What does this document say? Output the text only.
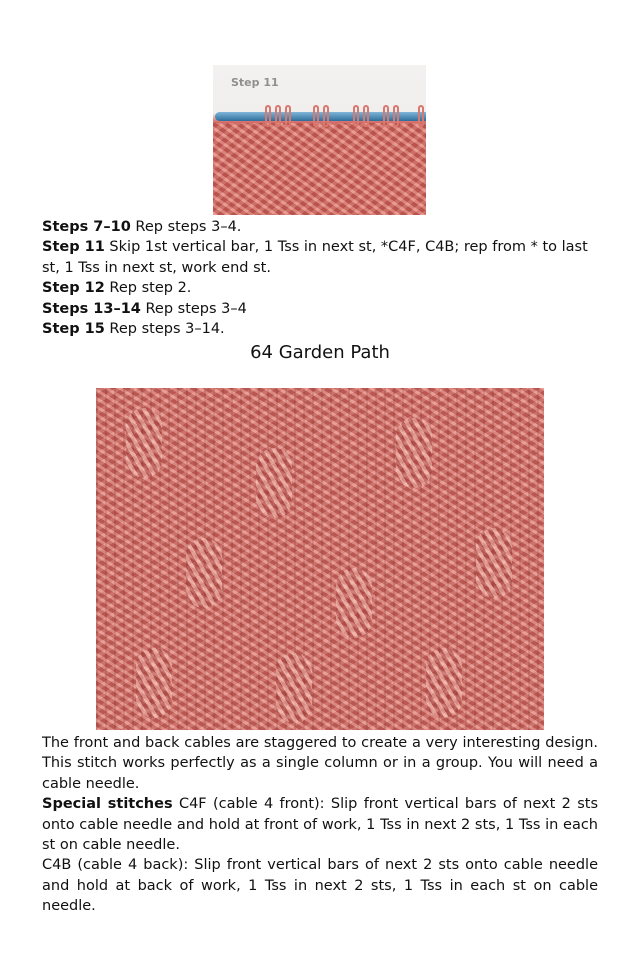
Step 11

Steps 7–10 Rep steps 3–4.

Step 11 Skip 1st vertical bar, 1 Tss in next st, *C4F, C4B; rep from * to last st, 1 Tss in next st, work end st.

Step 12 Rep step 2.

Steps 13–14 Rep steps 3–4

Step 15 Rep steps 3–14.

64 Garden Path

The front and back cables are staggered to create a very interesting design. This stitch works perfectly as a single column or in a group. You will need a cable needle.

Special stitches C4F (cable 4 front): Slip front vertical bars of next 2 sts onto cable needle and hold at front of work, 1 Tss in next 2 sts, 1 Tss in each st on cable needle.

C4B (cable 4 back): Slip front vertical bars of next 2 sts onto cable needle and hold at back of work, 1 Tss in next 2 sts, 1 Tss in each st on cable needle.
